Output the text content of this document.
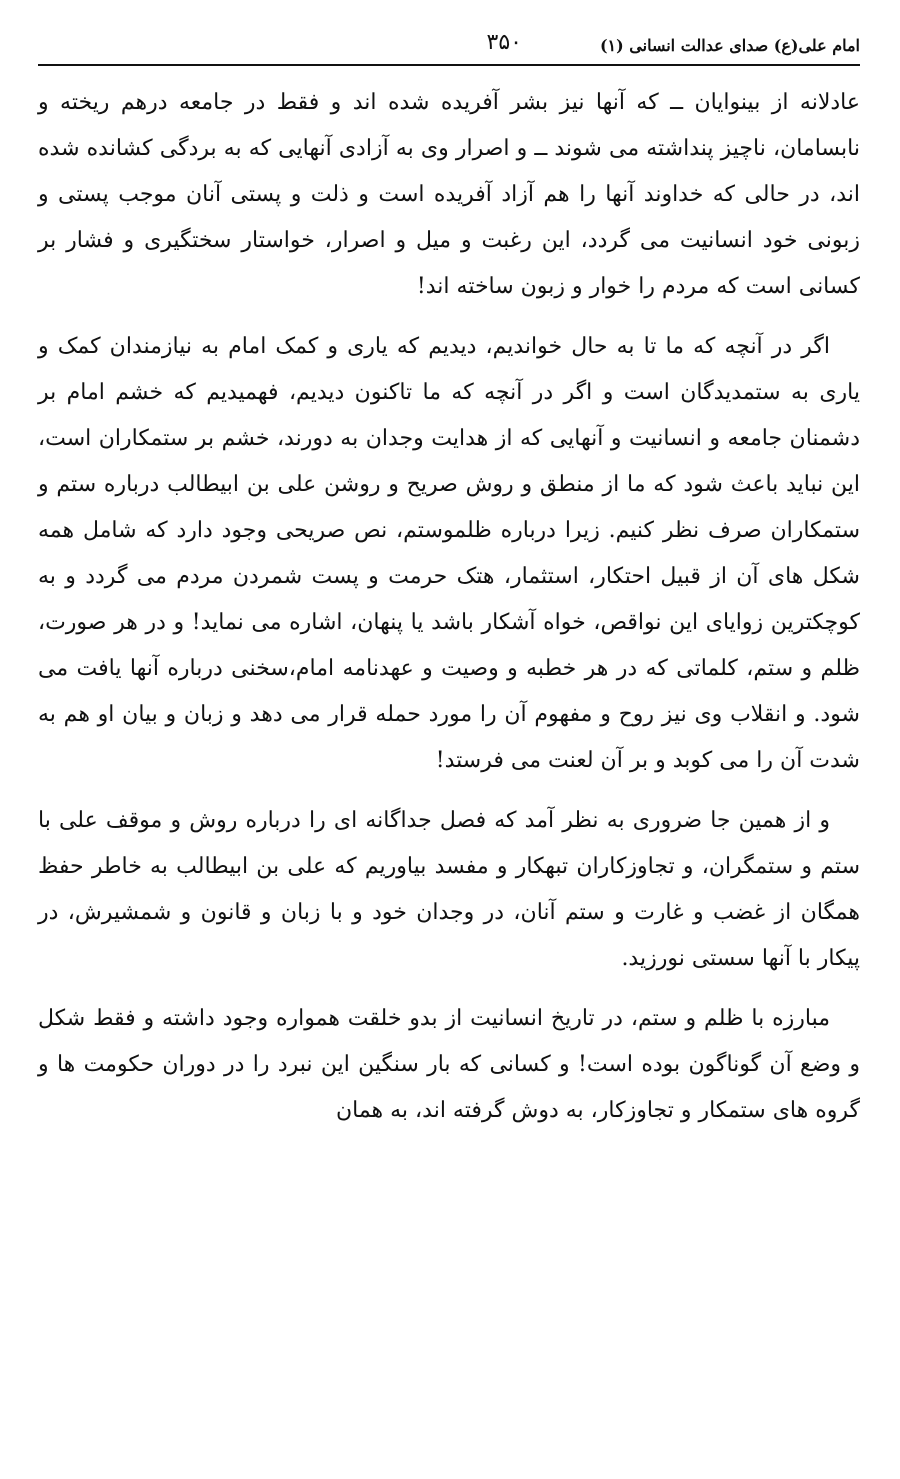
امام علی(ع) صدای عدالت انسانی (۱)
۳۵۰

عادلانه از بینوایان ــ که آنها نیز بشر آفریده شده اند و فقط در جامعه درهم ریخته و نابسامان، ناچیز پنداشته می شوند ــ و اصرار وی به آزادی آنهایی که به بردگی کشانده شده اند، در حالی که خداوند آنها را هم آزاد آفریده است و ذلت و پستی آنان موجب پستی و زبونی خود انسانیت می گردد، این رغبت و میل و اصرار، خواستار سختگیری و فشار بر کسانی است که مردم را خوار و زبون ساخته اند!

اگر در آنچه که ما تا به حال خواندیم، دیدیم که یاری و کمک امام به نیازمندان کمک و یاری به ستمدیدگان است و اگر در آنچه که ما تاکنون دیدیم، فهمیدیم که خشم امام بر دشمنان جامعه و انسانیت و آنهایی که از هدایت وجدان به دورند، خشم بر ستمکاران است، این نباید باعث شود که ما از منطق و روش صریح و روشن علی بن ابیطالب درباره ستم و ستمکاران صرف نظر کنیم. زیرا درباره ظلموستم، نص صریحی وجود دارد که شامل همه شکل های آن از قبیل احتکار، استثمار، هتک حرمت و پست شمردن مردم می گردد و به کوچکترین زوایای این نواقص، خواه آشکار باشد یا پنهان، اشاره می نماید! و در هر صورت، ظلم و ستم، کلماتی که در هر خطبه و وصیت و عهدنامه امام،سخنی درباره آنها یافت می شود. و انقلاب وی نیز روح و مفهوم آن را مورد حمله قرار می دهد و زبان و بیان او هم به شدت آن را می کوبد و بر آن لعنت می فرستد!

و از همین جا ضروری به نظر آمد که فصل جداگانه ای را درباره روش و موقف علی با ستم و ستمگران، و تجاوزکاران تبهکار و مفسد بیاوریم که علی بن ابیطالب به خاطر حفظ همگان از غضب و غارت و ستم آنان، در وجدان خود و با زبان و قانون و شمشیرش، در پیکار با آنها سستی نورزید.

مبارزه با ظلم و ستم، در تاریخ انسانیت از بدو خلقت همواره وجود داشته و فقط شکل و وضع آن گوناگون بوده است! و کسانی که بار سنگین این نبرد را در دوران حکومت ها و گروه های ستمکار و تجاوزکار، به دوش گرفته اند، به همان
